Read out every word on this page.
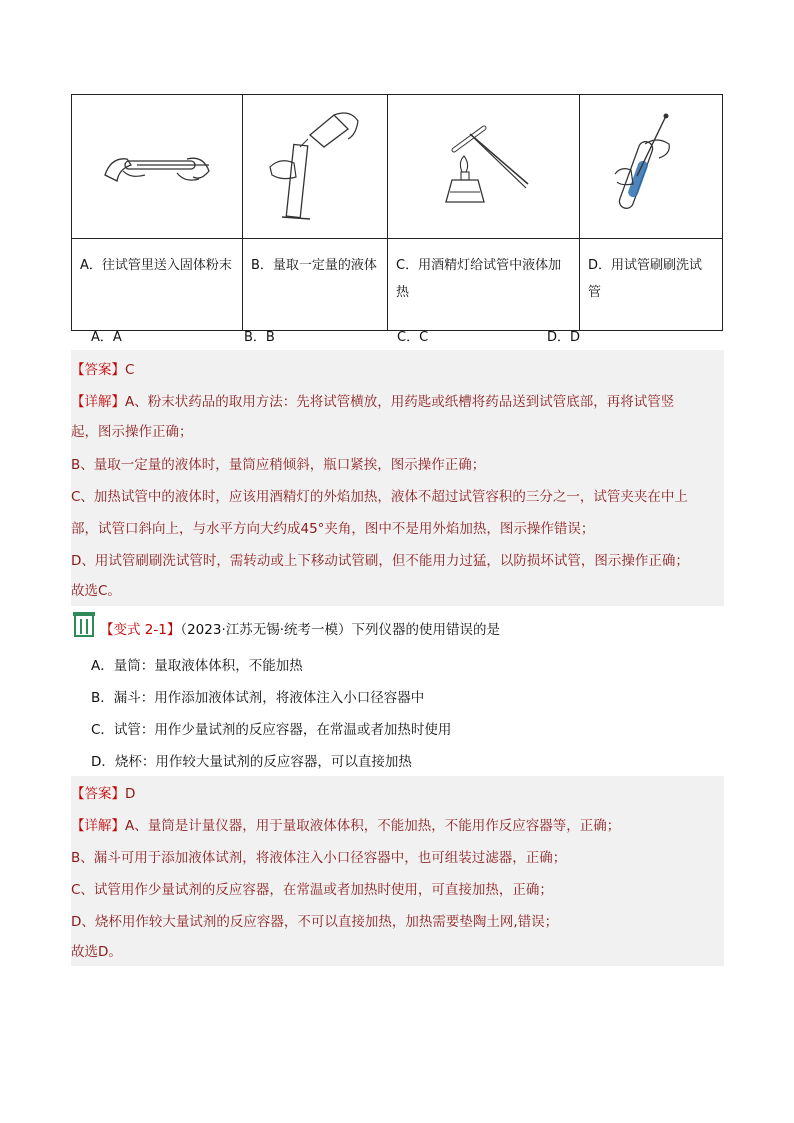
A．往试管里送入固体粉末	B．量取一定量的液体	C．用酒精灯给试管中液体加热	D．用试管刷刷洗试管
A．A	B．B	C．C	D．D
【答案】C
【详解】A、粉末状药品的取用方法：先将试管横放，用药匙或纸槽将药品送到试管底部，再将试管竖
起，图示操作正确；
B、量取一定量的液体时，量筒应稍倾斜，瓶口紧挨，图示操作正确；
C、加热试管中的液体时，应该用酒精灯的外焰加热，液体不超过试管容积的三分之一，试管夹夹在中上
部，试管口斜向上，与水平方向大约成45°夹角，图中不是用外焰加热，图示操作错误；
D、用试管刷刷洗试管时，需转动或上下移动试管刷，但不能用力过猛，以防损坏试管，图示操作正确；
故选C。
【变式 2-1】（2023·江苏无锡·统考一模）下列仪器的使用错误的是
A．量筒：量取液体体积，不能加热
B．漏斗：用作添加液体试剂，将液体注入小口径容器中
C．试管：用作少量试剂的反应容器，在常温或者加热时使用
D．烧杯：用作较大量试剂的反应容器，可以直接加热
【答案】D
【详解】A、量筒是计量仪器，用于量取液体体积，不能加热，不能用作反应容器等，正确；
B、漏斗可用于添加液体试剂，将液体注入小口径容器中，也可组装过滤器，正确；
C、试管用作少量试剂的反应容器，在常温或者加热时使用，可直接加热，正确；
D、烧杯用作较大量试剂的反应容器，不可以直接加热，加热需要垫陶土网,错误；
故选D。
